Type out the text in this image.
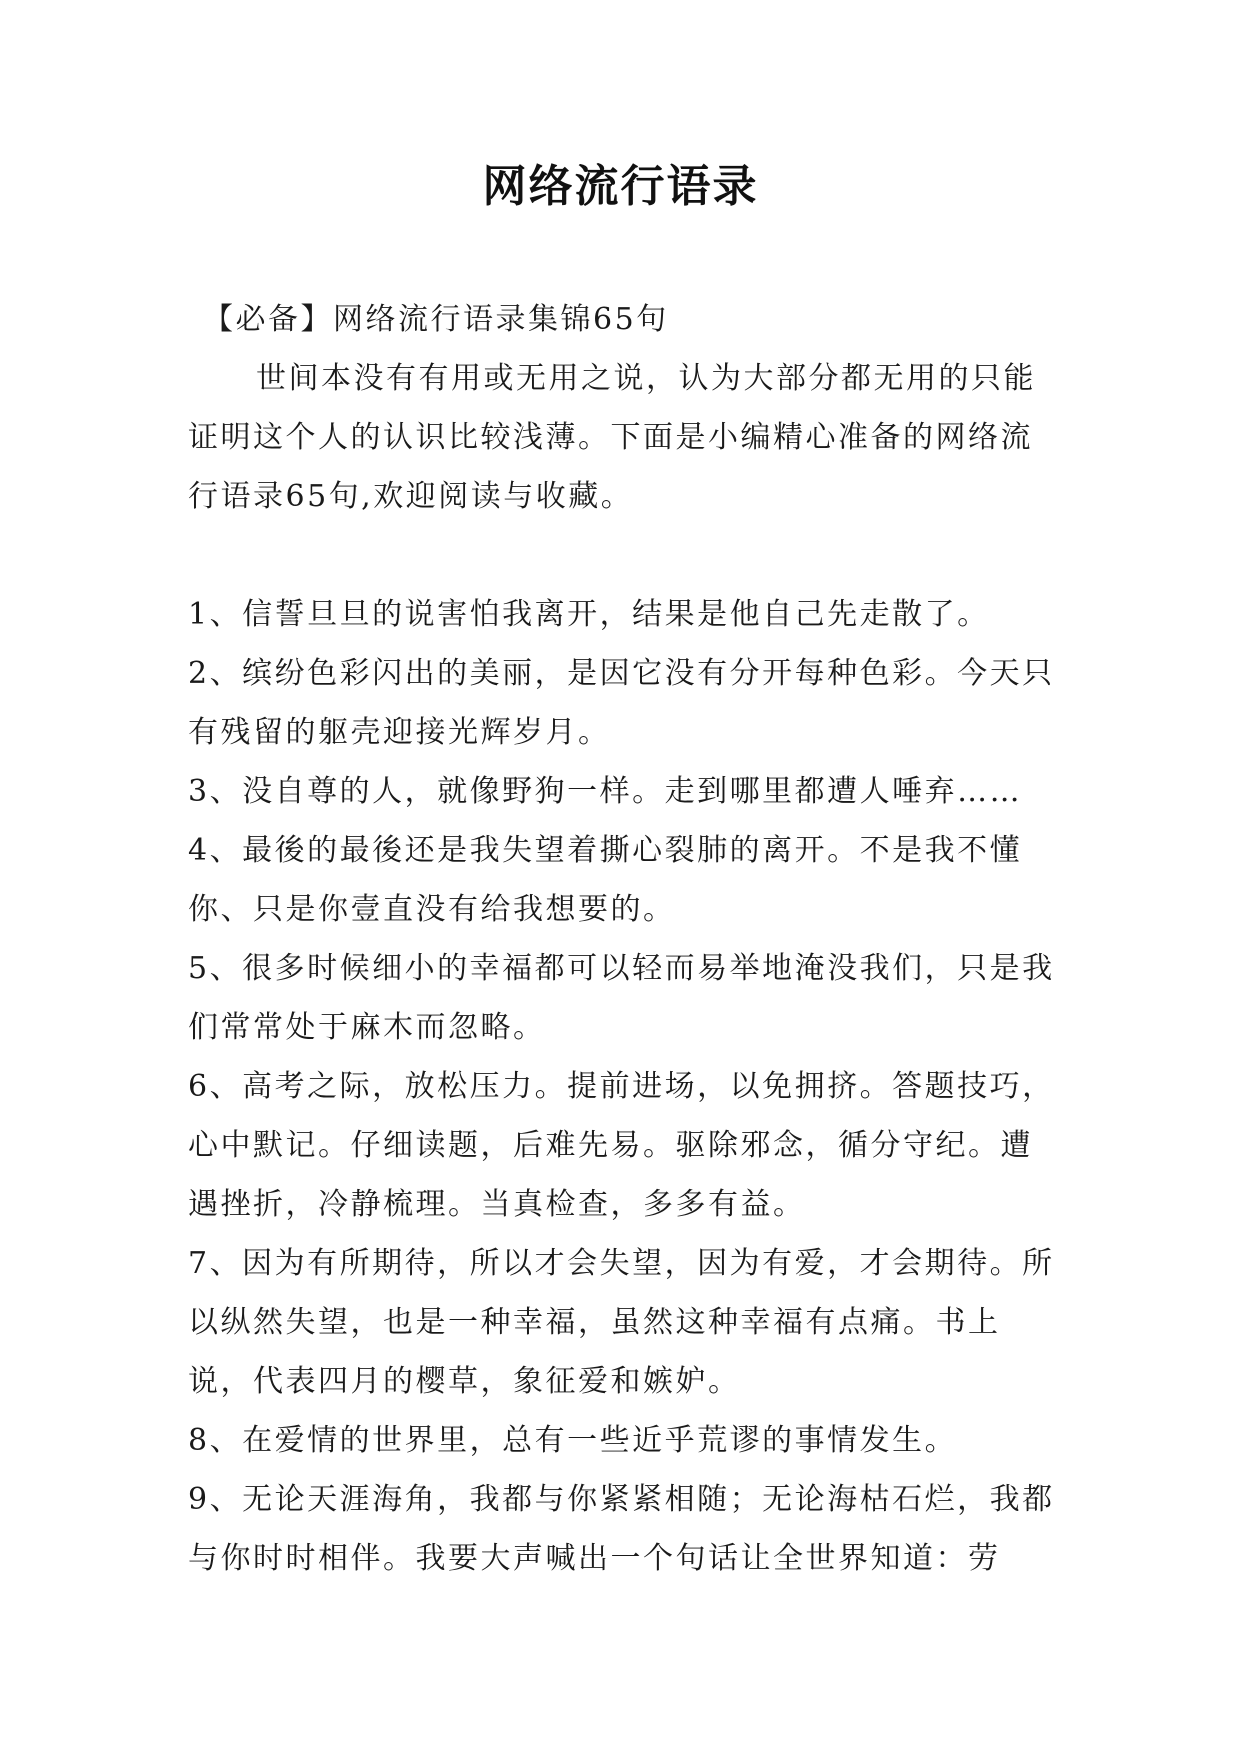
网络流行语录

【必备】网络流行语录集锦65句

世间本没有有用或无用之说，认为大部分都无用的只能证明这个人的认识比较浅薄。下面是小编精心准备的网络流行语录65句,欢迎阅读与收藏。

1、信誓旦旦的说害怕我离开，结果是他自己先走散了。

2、缤纷色彩闪出的美丽，是因它没有分开每种色彩。今天只有残留的躯壳迎接光辉岁月。

3、没自尊的人，就像野狗一样。走到哪里都遭人唾弃……

4、最後的最後还是我失望着撕心裂肺的离开。不是我不懂你、只是你壹直没有给我想要的。

5、很多时候细小的幸福都可以轻而易举地淹没我们，只是我们常常处于麻木而忽略。

6、高考之际，放松压力。提前进场，以免拥挤。答题技巧，心中默记。仔细读题，后难先易。驱除邪念，循分守纪。遭遇挫折，冷静梳理。当真检查，多多有益。

7、因为有所期待，所以才会失望，因为有爱，才会期待。所以纵然失望，也是一种幸福，虽然这种幸福有点痛。书上说，代表四月的樱草，象征爱和嫉妒。

8、在爱情的世界里，总有一些近乎荒谬的事情发生。

9、无论天涯海角，我都与你紧紧相随；无论海枯石烂，我都与你时时相伴。我要大声喊出一个句话让全世界知道：劳
